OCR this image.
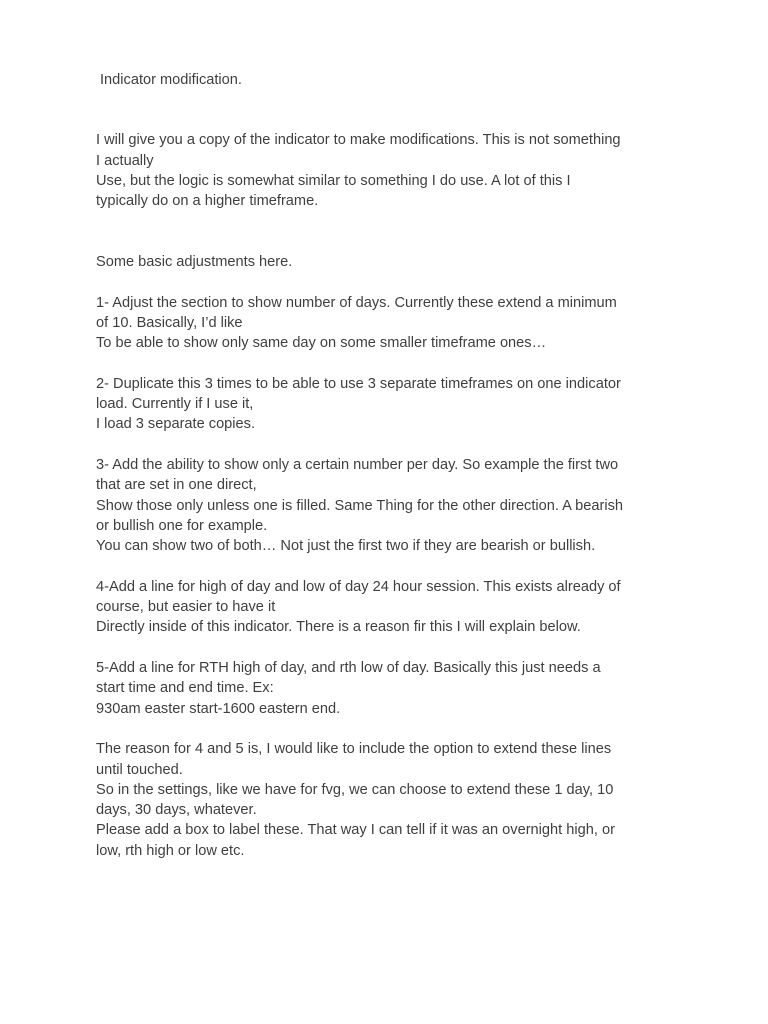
Indicator modification.
I will give you a copy of the indicator to make modifications. This is not something
I actually
Use, but the logic is somewhat similar to something I do use. A lot of this I
typically do on a higher timeframe.
Some basic adjustments here.
1- Adjust the section to show number of days. Currently these extend a minimum
of 10. Basically, I’d like
To be able to show only same day on some smaller timeframe ones…
2- Duplicate this 3 times to be able to use 3 separate timeframes on one indicator
load. Currently if I use it,
I load 3 separate copies.
3- Add the ability to show only a certain number per day. So example the first two
that are set in one direct,
Show those only unless one is filled. Same Thing for the other direction. A bearish
or bullish one for example.
You can show two of both… Not just the first two if they are bearish or bullish.
4-Add a line for high of day and low of day 24 hour session. This exists already of
course, but easier to have it
Directly inside of this indicator. There is a reason fir this I will explain below.
5-Add a line for RTH high of day, and rth low of day. Basically this just needs a
start time and end time. Ex:
930am easter start-1600 eastern end.
The reason for 4 and 5 is, I would like to include the option to extend these lines
until touched.
So in the settings, like we have for fvg, we can choose to extend these 1 day, 10
days, 30 days, whatever.
Please add a box to label these. That way I can tell if it was an overnight high, or
low, rth high or low etc.
